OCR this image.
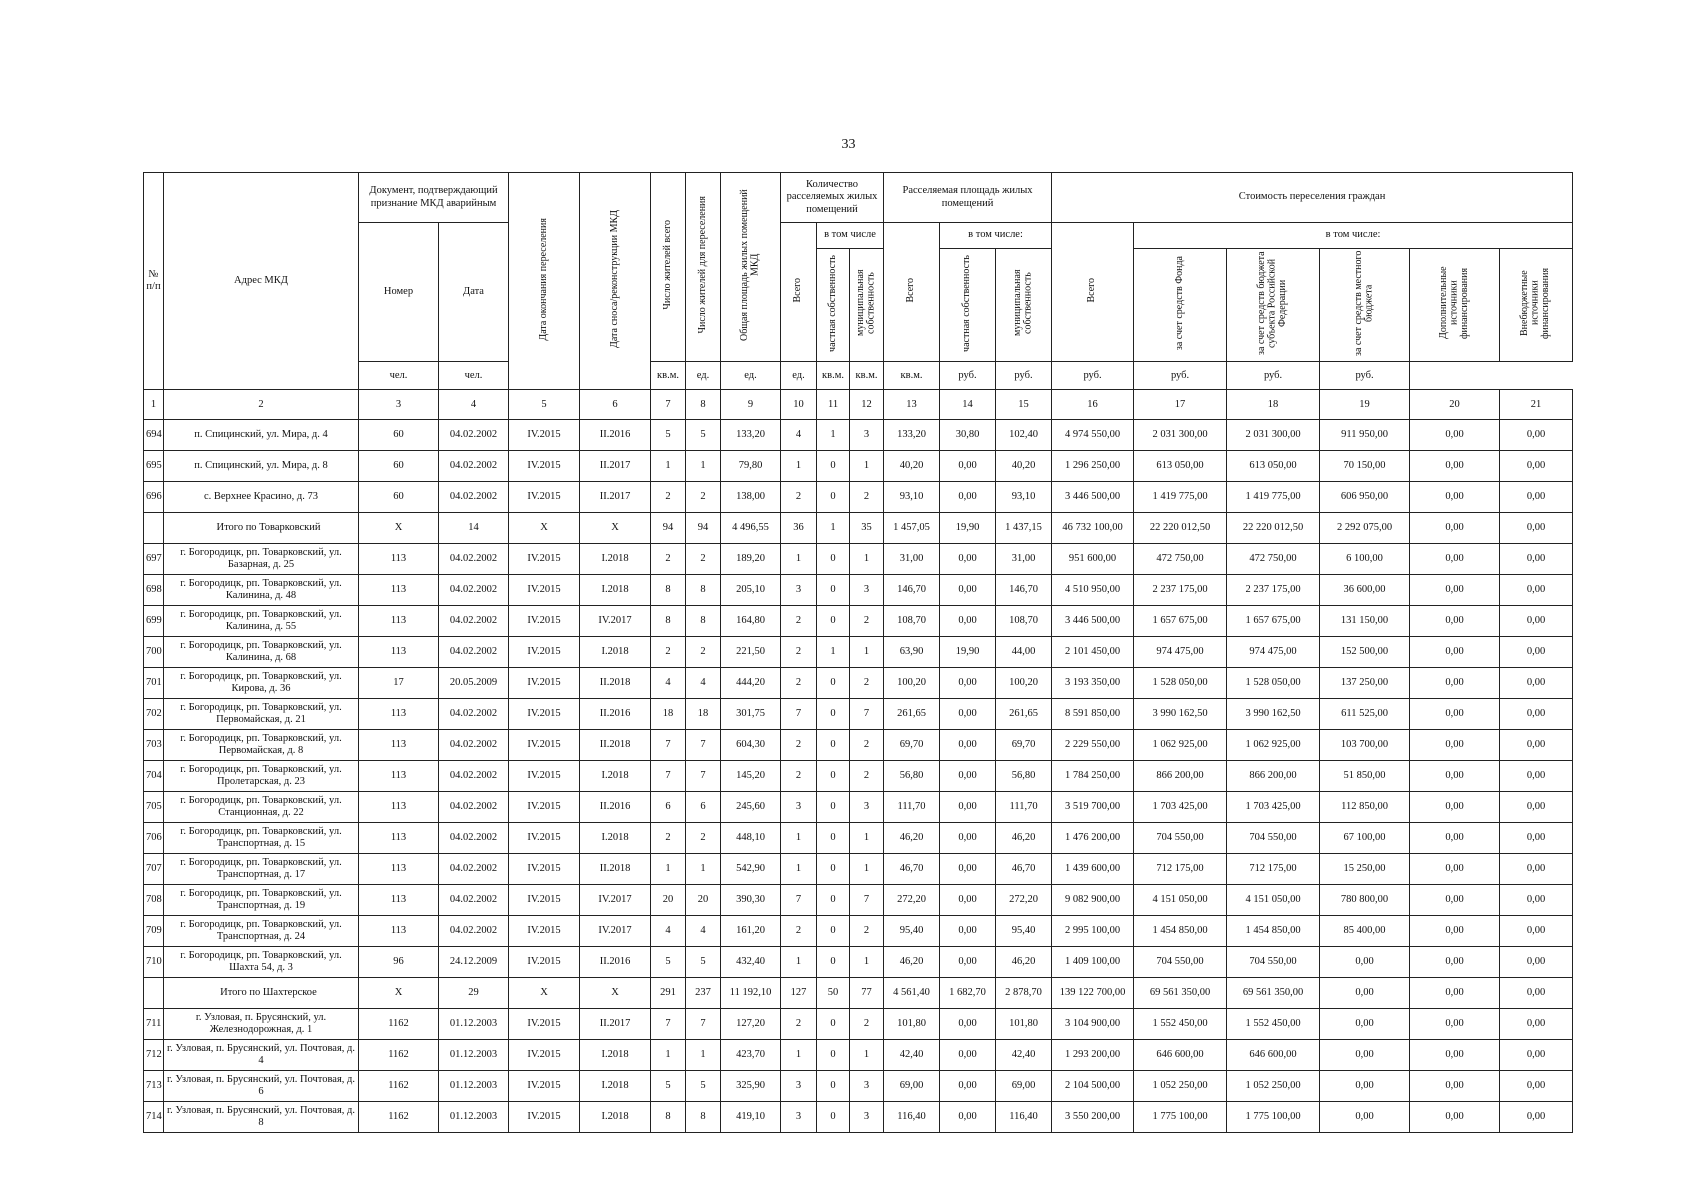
33
№ п/п	Адрес МКД	Документ, подтверждающий признание МКД аварийным		Дата окончания переселения	Дата сноса/реконструкции МКД	Число жителей всего	Число жителей для переселения	Общая площадь жилых помещений МКД	Количество расселяемых жилых помещений			Расселяемая площадь жилых помещений			Стоимость переселения граждан					
		Номер	Дата						Всего	в том числе		Всего	в том числе:		Всего	в том числе:				
										частная собственность	муниципальная собственность		частная собственность	муниципальная собственность		за счет средств Фонда	за счет средств бюджета субъекта Российской Федерации	за счет средств местного бюджета	Дополнительные источники финансирования	Внебюджетные источники финансирования
		чел.	чел.			кв.м.	ед.	ед.	ед.	кв.м.	кв.м.	кв.м.	руб.	руб.	руб.	руб.	руб.	руб.		
1	2	3	4	5	6	7	8	9	10	11	12	13	14	15	16	17	18	19	20	21
694	п. Спицинский, ул. Мира, д. 4	60	04.02.2002	IV.2015	II.2016	5	5	133,20	4	1	3	133,20	30,80	102,40	4 974 550,00	2 031 300,00	2 031 300,00	911 950,00	0,00	0,00
695	п. Спицинский, ул. Мира, д. 8	60	04.02.2002	IV.2015	II.2017	1	1	79,80	1	0	1	40,20	0,00	40,20	1 296 250,00	613 050,00	613 050,00	70 150,00	0,00	0,00
696	с. Верхнее Красино, д. 73	60	04.02.2002	IV.2015	II.2017	2	2	138,00	2	0	2	93,10	0,00	93,10	3 446 500,00	1 419 775,00	1 419 775,00	606 950,00	0,00	0,00
	Итого по Товарковский	X	14	X	X	94	94	4 496,55	36	1	35	1 457,05	19,90	1 437,15	46 732 100,00	22 220 012,50	22 220 012,50	2 292 075,00	0,00	0,00
697	г. Богородицк, рп. Товарковский, ул. Базарная, д. 25	113	04.02.2002	IV.2015	I.2018	2	2	189,20	1	0	1	31,00	0,00	31,00	951 600,00	472 750,00	472 750,00	6 100,00	0,00	0,00
698	г. Богородицк, рп. Товарковский, ул. Калинина, д. 48	113	04.02.2002	IV.2015	I.2018	8	8	205,10	3	0	3	146,70	0,00	146,70	4 510 950,00	2 237 175,00	2 237 175,00	36 600,00	0,00	0,00
699	г. Богородицк, рп. Товарковский, ул. Калинина, д. 55	113	04.02.2002	IV.2015	IV.2017	8	8	164,80	2	0	2	108,70	0,00	108,70	3 446 500,00	1 657 675,00	1 657 675,00	131 150,00	0,00	0,00
700	г. Богородицк, рп. Товарковский, ул. Калинина, д. 68	113	04.02.2002	IV.2015	I.2018	2	2	221,50	2	1	1	63,90	19,90	44,00	2 101 450,00	974 475,00	974 475,00	152 500,00	0,00	0,00
701	г. Богородицк, рп. Товарковский, ул. Кирова, д. 36	17	20.05.2009	IV.2015	II.2018	4	4	444,20	2	0	2	100,20	0,00	100,20	3 193 350,00	1 528 050,00	1 528 050,00	137 250,00	0,00	0,00
702	г. Богородицк, рп. Товарковский, ул. Первомайская, д. 21	113	04.02.2002	IV.2015	II.2016	18	18	301,75	7	0	7	261,65	0,00	261,65	8 591 850,00	3 990 162,50	3 990 162,50	611 525,00	0,00	0,00
703	г. Богородицк, рп. Товарковский, ул. Первомайская, д. 8	113	04.02.2002	IV.2015	II.2018	7	7	604,30	2	0	2	69,70	0,00	69,70	2 229 550,00	1 062 925,00	1 062 925,00	103 700,00	0,00	0,00
704	г. Богородицк, рп. Товарковский, ул. Пролетарская, д. 23	113	04.02.2002	IV.2015	I.2018	7	7	145,20	2	0	2	56,80	0,00	56,80	1 784 250,00	866 200,00	866 200,00	51 850,00	0,00	0,00
705	г. Богородицк, рп. Товарковский, ул. Станционная, д. 22	113	04.02.2002	IV.2015	II.2016	6	6	245,60	3	0	3	111,70	0,00	111,70	3 519 700,00	1 703 425,00	1 703 425,00	112 850,00	0,00	0,00
706	г. Богородицк, рп. Товарковский, ул. Транспортная, д. 15	113	04.02.2002	IV.2015	I.2018	2	2	448,10	1	0	1	46,20	0,00	46,20	1 476 200,00	704 550,00	704 550,00	67 100,00	0,00	0,00
707	г. Богородицк, рп. Товарковский, ул. Транспортная, д. 17	113	04.02.2002	IV.2015	II.2018	1	1	542,90	1	0	1	46,70	0,00	46,70	1 439 600,00	712 175,00	712 175,00	15 250,00	0,00	0,00
708	г. Богородицк, рп. Товарковский, ул. Транспортная, д. 19	113	04.02.2002	IV.2015	IV.2017	20	20	390,30	7	0	7	272,20	0,00	272,20	9 082 900,00	4 151 050,00	4 151 050,00	780 800,00	0,00	0,00
709	г. Богородицк, рп. Товарковский, ул. Транспортная, д. 24	113	04.02.2002	IV.2015	IV.2017	4	4	161,20	2	0	2	95,40	0,00	95,40	2 995 100,00	1 454 850,00	1 454 850,00	85 400,00	0,00	0,00
710	г. Богородицк, рп. Товарковский, ул. Шахта 54, д. 3	96	24.12.2009	IV.2015	II.2016	5	5	432,40	1	0	1	46,20	0,00	46,20	1 409 100,00	704 550,00	704 550,00	0,00	0,00	0,00
	Итого по Шахтерское	X	29	X	X	291	237	11 192,10	127	50	77	4 561,40	1 682,70	2 878,70	139 122 700,00	69 561 350,00	69 561 350,00	0,00	0,00	0,00
711	г. Узловая, п. Брусянский, ул. Железнодорожная, д. 1	1162	01.12.2003	IV.2015	II.2017	7	7	127,20	2	0	2	101,80	0,00	101,80	3 104 900,00	1 552 450,00	1 552 450,00	0,00	0,00	0,00
712	г. Узловая, п. Брусянский, ул. Почтовая, д. 4	1162	01.12.2003	IV.2015	I.2018	1	1	423,70	1	0	1	42,40	0,00	42,40	1 293 200,00	646 600,00	646 600,00	0,00	0,00	0,00
713	г. Узловая, п. Брусянский, ул. Почтовая, д. 6	1162	01.12.2003	IV.2015	I.2018	5	5	325,90	3	0	3	69,00	0,00	69,00	2 104 500,00	1 052 250,00	1 052 250,00	0,00	0,00	0,00
714	г. Узловая, п. Брусянский, ул. Почтовая, д. 8	1162	01.12.2003	IV.2015	I.2018	8	8	419,10	3	0	3	116,40	0,00	116,40	3 550 200,00	1 775 100,00	1 775 100,00	0,00	0,00	0,00
